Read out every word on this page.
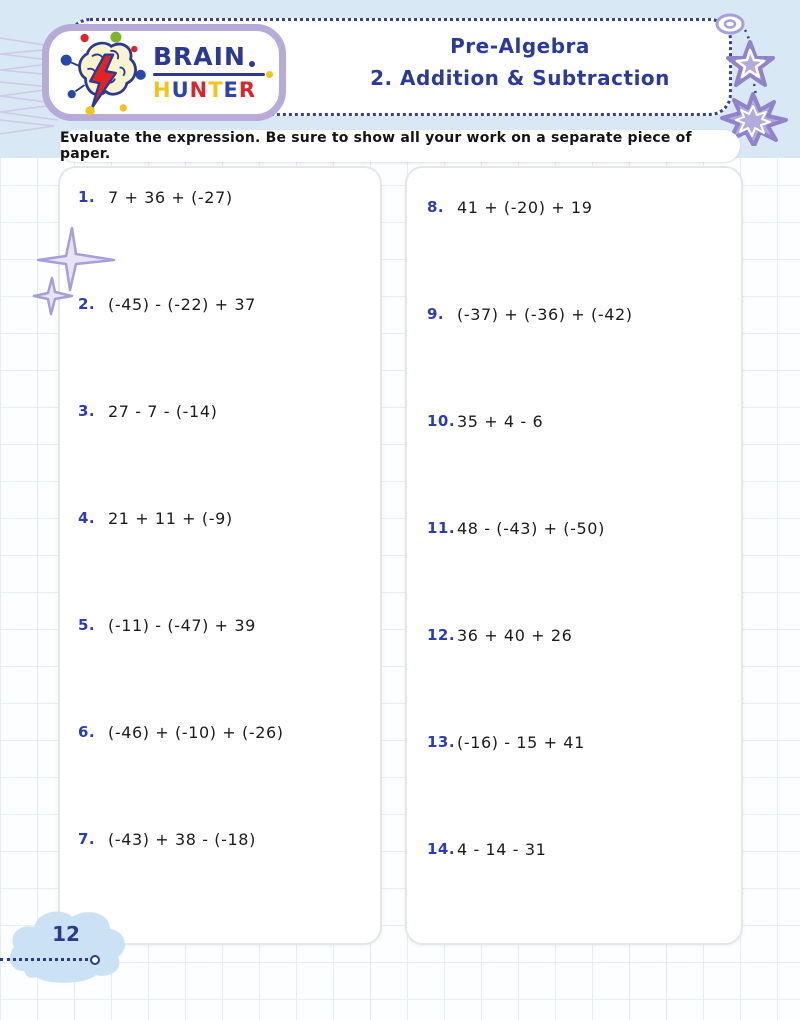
Pre-Algebra
2. Addition & Subtraction
BRAIN
HUNTER
Evaluate the expression. Be sure to show all your work on a separate piece of paper.
1. 7 + 36 + (-27)
2. (-45) - (-22) + 37
3. 27 - 7 - (-14)
4. 21 + 11 + (-9)
5. (-11) - (-47) + 39
6. (-46) + (-10) + (-26)
7. (-43) + 38 - (-18)
8. 41 + (-20) + 19
9. (-37) + (-36) + (-42)
10. 35 + 4 - 6
11. 48 - (-43) + (-50)
12. 36 + 40 + 26
13. (-16) - 15 + 41
14. 4 - 14 - 31
12
